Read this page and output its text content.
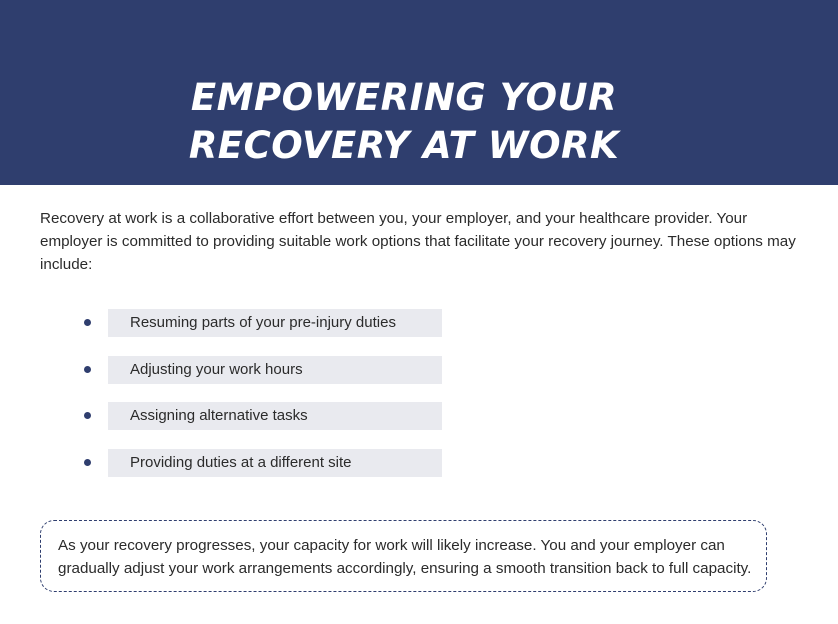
EMPOWERING YOUR
RECOVERY AT WORK

Recovery at work is a collaborative effort between you, your employer, and your healthcare provider. Your employer is committed to providing suitable work options that facilitate your recovery journey. These options may include:

Resuming parts of your pre-injury duties
Adjusting your work hours
Assigning alternative tasks
Providing duties at a different site

As your recovery progresses, your capacity for work will likely increase. You and your employer can gradually adjust your work arrangements accordingly, ensuring a smooth transition back to full capacity.
